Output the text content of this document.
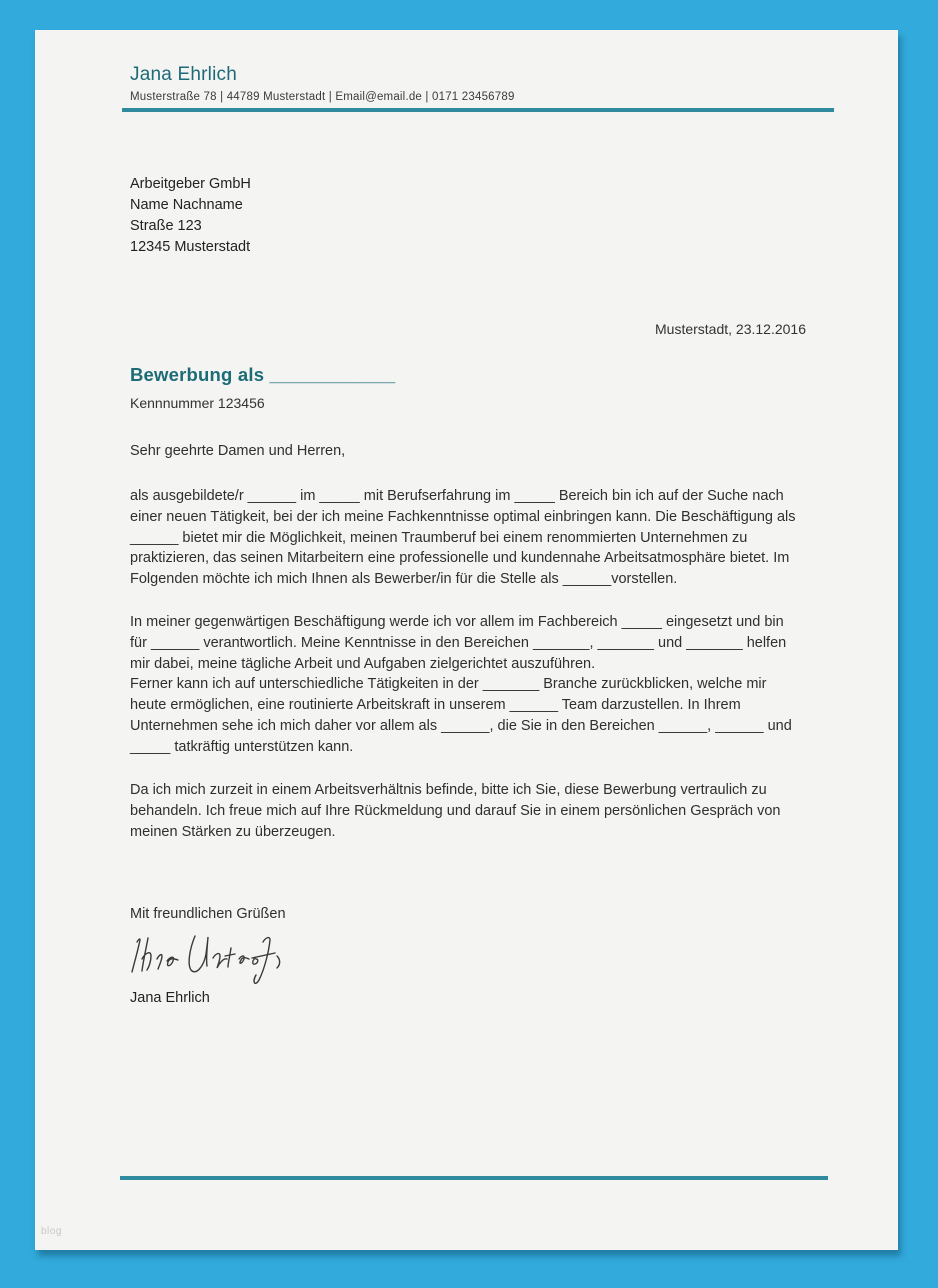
Jana Ehrlich
Musterstraße 78 | 44789 Musterstadt | Email@email.de | 0171 23456789
Arbeitgeber GmbH
Name Nachname
Straße 123
12345 Musterstadt
Musterstadt, 23.12.2016
Bewerbung als ____________
Kennnummer 123456
Sehr geehrte Damen und Herren,
als ausgebildete/r ______ im _____ mit Berufserfahrung im _____ Bereich bin ich auf der Suche nach einer neuen Tätigkeit, bei der ich meine Fachkenntnisse optimal einbringen kann. Die Beschäftigung als ______ bietet mir die Möglichkeit, meinen Traumberuf bei einem renommierten Unternehmen zu praktizieren, das seinen Mitarbeitern eine professionelle und kundennahe Arbeitsatmosphäre bietet. Im Folgenden möchte ich mich Ihnen als Bewerber/in für die Stelle als ______vorstellen.
In meiner gegenwärtigen Beschäftigung werde ich vor allem im Fachbereich _____ eingesetzt und bin für ______ verantwortlich. Meine Kenntnisse in den Bereichen _______, _______ und _______ helfen mir dabei, meine tägliche Arbeit und Aufgaben zielgerichtet auszuführen.
Ferner kann ich auf unterschiedliche Tätigkeiten in der _______ Branche zurückblicken, welche mir heute ermöglichen, eine routinierte Arbeitskraft in unserem ______ Team darzustellen. In Ihrem Unternehmen sehe ich mich daher vor allem als ______, die Sie in den Bereichen ______, ______ und _____ tatkräftig unterstützen kann.
Da ich mich zurzeit in einem Arbeitsverhältnis befinde, bitte ich Sie, diese Bewerbung vertraulich zu behandeln. Ich freue mich auf Ihre Rückmeldung und darauf Sie in einem persönlichen Gespräch von meinen Stärken zu überzeugen.
Mit freundlichen Grüßen
Jana Ehrlich
blog
